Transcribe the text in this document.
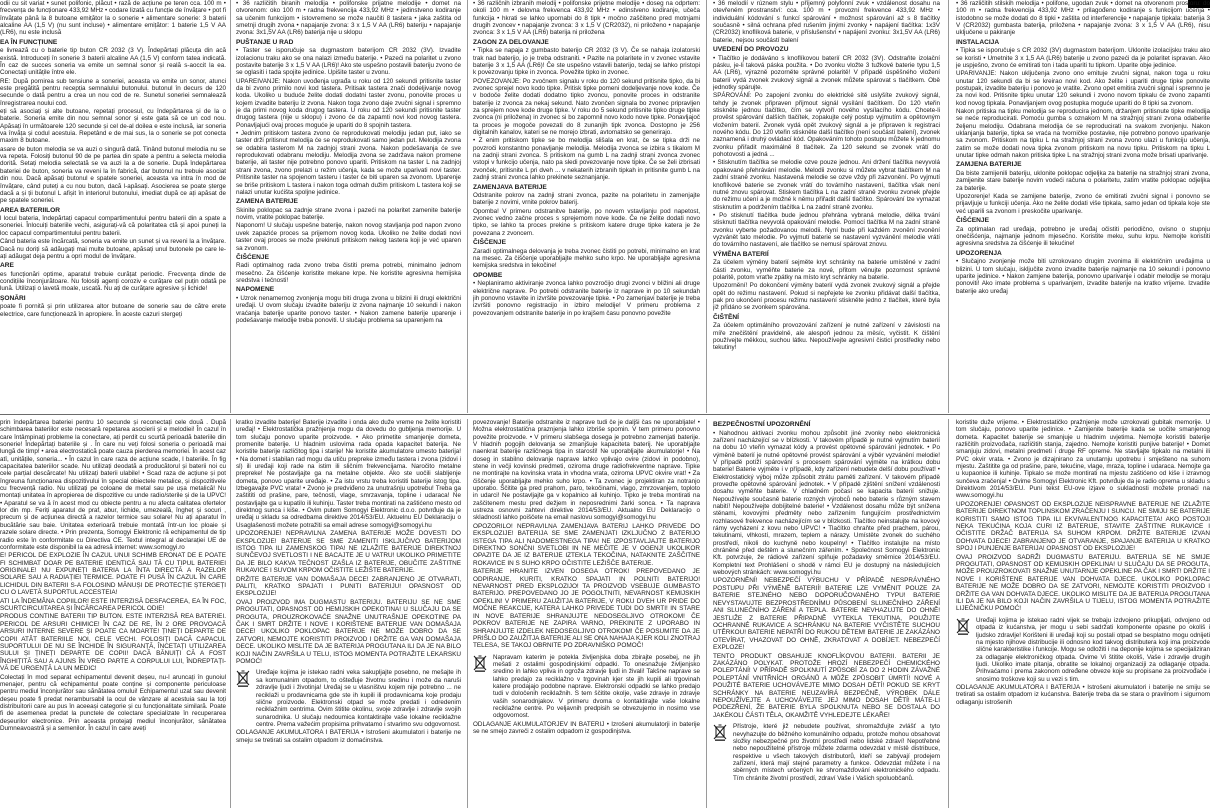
odii cu sit variat • sunet polifonic, plăcut • rază de acțiune pe teren cca. 100 m • frecvența de funcționare 433,92 MHz • codare lizată cu funcție de învățare • pot fi învățate până la 8 butoane emițător la o sonerie • alimentare sonerie: 3 baterii alcaline AA (1,5 V) (nu sunt incluse) • alimentare emițător: 1 baterie 1,5 V AA (LR6), nu este inclusă

EA ÎN FUNCȚIUNE

e livrează cu o baterie tip buton CR 2032 (3 V). Îndepărtați plăcuța din acă există. Introduceți în sonerie 3 baterii alcaline AA (1,5 V) conform tatea indicată. În caz de succes soneria va emite un semnal sonor și reală s-aoccit la ea. Conectați unitățile între ele.

RE: După pornirea sub tensiune a soneriei, aceasta va emite un sonor, atunci este pregătită pentru recepția semnalului butonului. butonul în decurs de 120 secunde o dată pentru a crea un nou cod de re. Sunetul soneriei semnalează înregistrarea noului cod.

eți să asociați și alte butoane, repetați procesul, cu îndepărtarea și de la o baterie. Soneria emite din nou semnal sonor și este gata să ce un cod nou. Apăsați în următoarele 120 secunde și cel de-al doilea e este inclusă, iar soneria va învăța și codul acestuia. Repetând e de mai sus, la o sonerie se pot conecta maxim 8 butoane.

asare de buton melodia se va auzi o singură dată. Tinând butonul melodia nu se va repeta. Folosiți butonul 90 de pe partea din spate a pentru a selecta melodia dorită. Setați melodia selectată se va auzi la a de sonerie. După îndepărtarea bateriei de buton, soneria va reveni la în fabrică, dar butonul nu trebuie asociat din nou. Dacă apăsați butonul e spatele soneriei, aceasta va intra în mod de învățare, când puteți a cu nou buton, dacă l-apăsați. Asocierea se poate șterge dacă a și ții butonul L afișit în interiorul butonului, imediat după ce ați apăsat de pe spatele soneriei.

AREA BATERIILOR

l locul bateria, îndepărtați capacul compartimentului pentru baterii din a spate a soneriei. Înlocuiți bateriile vechi, asigurați-vă că polaritatea ctă și apoi puneți la loc capacul compartimentului pentru baterii.

Când bateria este încărcată, soneria va emite un sunet și va reveni la a învățare. Dacă nu doriți să adăugați mai multe butoane, apăsați unul butonele pe care le-ați adăugat deja pentru a opri modul de învățare.

ARE

es funcționări optime, aparatul trebuie curățat periodic. Frecvența dinde de condițiile înconjurătoare. Nu folosiți agenți coroziv e curățare cel puțin odată pe lună. Utilizați o lavetă moale, uscată. Nu ați de curățare agresive și lichide!

ȘONĂRI

poate fi pornită și prin utilizarea altor butoane de sonerie sau de către erete electrice, care funcționează în apropiere. În aceste cazuri stergeți

• 36 različitih biranih melodija • polifonske prijatne melodije • domet na otvorenom: oko 100 m • radna frekvencija 433,92 MHz • jedinstveno kodiranje sa učenim funkcijom • istovremeno se može naučiti 8 tastera • jaka zaštita od smetnji drugih zvona • napajanje zvona: 3 x 1,5 V AA (LR6) bateriju • napajanje zvona: 3x1,5V AA (LR6) baterija nije u sklopu

PUŠTANJE U RAD

• Taster se isporučuje sa dugmastom baterijom CR 2032 (3V). Izvadite izolacionu traku ako se ona nalazi između baterije. • Pazeći na polaritet u zvono postavite baterije 3 x 1,5 V AA (LR6)! Ako ste uspešno postavili bateriju zvono će se oglasiti i tada spojite jedinice. Upišite taster u zvonu.

UPAREIVANJE: Nakon uvođenja ugrađa u roku od 120 sekundi pritisnite taster da bi zvono primilo novi kod tastera. Pritisak tastera znači dodeljivanje novog koda. Ukoliko u buduće želite dodati dodatni taster zvonu, ponovite proces u kojem izvadite bateriju iz zvona. Nakon toga zvono daje zvučni signal i spremno je da primi novog koda drugog tastera. U roku od 120 sekundi pritisnite taster drugog tastera (nije u sklopu) i zvono će da zapamti novi kod novog tastera. Ponavljajući ovaj proces moguće je upariti do 8 spojnih tastera.

• Jednim pritiskom tastera zvono će reprodukovati melodiju jedan put, iako se taster drži pritisnut melodija će se reprodukovati samo jedan put. Melodija zvona se odabira tasterom M na zadnjoj strani zvona. Nakon podešavanja će sve reprodukovati odabranu melodiju. Melodija zvona se zadržava nakon promene baterije, ali taster nije potrebno ponovo upariti. Pritiskom na taster L na zadnjoj strani zvona, zvono prelazi u režim učenja, kada se može uparivati novi taster. Pritisnite taster na spojenom tasteru i taster će biti uparen sa zvonom. Uparenje se briše pritiskom L tastera i nakon toga odmah dužim pritiskom L tastera koji se nalazi unutar kućišta spoljne jedinice.

ZAMENA BATERIJE

Skinite poklopac sa zadnje strane zvona i pazeći na polaritet zamenite baterije novim, vratite poklopac baterije.

Naponom! U slučaju uspešne baterije, nakon novog stavljanja pod napon zvono uvek zapaziće proces sa prijemom novog koda. Ukoliko ne želite dodati novi taster ovaj proces se može prekinuti pritiskom nekog tastera koji je već uparen sa zvonom.

ČIŠĆENJE

Radi optimalnog rada zvono treba čistiti prema potrebi, minimalno jednom mesečno. Za čišćenje koristite mekane krpe. Ne koristite agresivna hemijska sredstva i tečnosti!

NAPOMENE

• Uzrok nenamernog zvonjenja mogu biti druga zvona u blizini ili drugi električni uređaji. U ovom slučaju izvadite bateriju iz zvona najmanje 10 sekundi i nakon vraćanja baterije uparite ponovo taster. • Nakon zamene baterije uparenje i podešavanje melodije treba ponoviti. U slučaju problema sa uparenjem na

• 36 različnih izbranih melodij • polifonske prijetne melodije • doseg na odprtem: okoli 100 m • delovna frekvenca 433,92 MHz • edinstveno kodiranje, učeča funkcija • hkrati se lahko upornabi do 8 tipk • močno zaščiteno pred motnjami drugih zvoncev • napajanje zvonca: 3 x 1,5 V (CR2032), ni priloženo • napajanje zvonca: 3 x 1,5 V AA (LR6) baterija ni priložena

ZAGON ZA DELOVANJE

• Tipka se napaja z gumbasto baterijo CR 2032 (3 V). Če se nahaja izolatorski trak nad baterijo, jo je treba odstraniti. • Pazite na polaritete in v zvonec vstavite baterije 3 x 1,5 AA (LR6)! Če ste uspešno vstavili baterijo, tedaj se lahko pristopi k povezovanju tipke in zvonca. Povežite tipko in zvonec.

POVEZOVANJE: Po zvočnem signalu v roku do 120 sekund pritisnite tipko, da bi zvonec sprejel novo kodo tipke. Pritisk tipke pomeni dodeljevanje nove kode. Če v bodoče želite dodati dodatno tipko zvoncu, ponovite proces in odstranite baterije iz zvonca za nekaj sekund. Nato zvončen signala bo zvonec pripravljen za sprejem nove kode druge tipke. V roku do 5 sekund pritisnite tipko druge tipke zvonca (ni priložena) in zvonec si bo zapomnil novo kodo nove tipke. Ponavljajoč ta proces je mogoče povezati do 8 zunanjih tipk zvonca. Dostopno je 256 digitalnih kanalov, kateri se ne morejo izbrati, avtomatsko se generirajo.

• Z enim pritiskom tipke se bo melodija slišala en krat, če se tipka drži ne povzroči konstantno ponavljanje melodija. Melodija zvonca se izbira s tikalom M na zadnji strani zvonca. S pritiskom na gumb L na zadnji strani zvonca zvonec vstopi v funkcijo učenja, nato pa sledi povezovanje nove tipke. Če se želi izbrisati zvonček, pritisnite L pri dveh ... v nekaterih izbranih tipkah in pritisnite gumb L na zadnji strani zvonca lahko prekinete seznanjanje.

ZAMENJAVA BATERIJE

Odstranite pokrov na zadnji strani zvonca, pazite na polaritetu in zamenjajte baterije z novimi, vrnite pokrov baterij.

Opomba! V primeru odstranitve baterije, po novem vstavljanju pod napetost, zvonec vedno začne proces s sprejemom nove kode. Če ne želite dodati novo tipko, se lahko ta proces prekine s pritiskom katere druge tipke katera je že povezana z zvoncem.

ČIŠČENJE

Zaradi optimalnega delovanja je treba zvonec čistiti po potrebi, minimalno en krat na mesec. Za čiščenje uporabljajte mehko suho krpo. Ne uporabljajte agresivna kemijska sredstva in tekočine!

OPOMBE

• Neplaniramo aktiviranje zvonca lahko povzročijo drugi zvonci v bližini ali druge električne naprave. Po potrebi odstranite baterije iz naprave in po 10 sekundah jih ponovno vstavite in izvršite povezovanje tipke. • Po zamenjavi baterije je treba izvršiti ponovno registracijo in izbiro melodije! V primeru problema z povezovanjem odstranite baterije in po krajšem času ponovno povežite

• 36 melodií v rúznem stylu • příjemný polyfonní zvuk • vzdálenost dosahu na otevřeném prostranství: cca. 100 m • provozní frekvence 433,92 MHz • individuální kódování s funkcí spárování • možnost spárování až s 8 tlačítky současně • silná ochrana před rušením jinými zvonky • napájení tlačítka: 1x3V (CR2032) knoflíková baterie, v příslušenství • napájení zvonku: 3x1,5V AA (LR6) baterie, nejsou součástí balení

UVEDENÍ DO PROVOZU

• Tlačítko je dodáváno s knoflíkovou baterií CR 2032 (3V). Odstraňte izolační pásku, je-li taková páska použita. • Do zvonku vložte 3 tužkové baterie typu 1,5 AA (LR6), výrazně pozorněte správné polaritě! V případě úspěšného vložení baterií vydá zvonek zvukový signál a zvonek můžete spárovat s tlačítkem. Obě jednotky spárujte.

SPÁROVÁNÍ: Po zapojení zvonku do elektrické sítě uslyšíte zvukový signál, tehdy je zvonek připraven přijmout signál vysílání tlačítkem. Do 120 vteřin stiskněte jednou tlačítko, čím se vytvoří nového vysílacího kódu. Chcete-li prověst spárování dalších tlačítek, zopakujte celý postup vyjmutím a opětovným vložením baterií. Zvonek vydá opět zvukový signál a je připraven k registraci nového kódu. Do 120 vteřin stiskněte další tlačítko (není součástí balení), zvonek zaznamená i druhý ovládací kód. Opakováním tohoto postupu můžete k jednomu zvonku přiřadit maximálně 8 tlačítek. Za 120 sekund se zvonek vrátí do pohotovosti a jedná ...

• Stisknutím tlačítka se melodie ozve pouze jednou. Ani držení tlačítka nevyvolá opakované přehrávání melodie. Melodii zvonku si můžete vybrat tlačítkem M na zadní straně zvonku. Nastavená melodie se ozve vždy při zazvonění. Po vyjmutí knoflíkové baterie se zvonek vrátí do továrního nastavení, tlačítka však není nutné znovu spárovat. Stiskem tlačítka L na zadní straně zvonku zvonek přejde do režimu učení a je možné k němu přiřadit další tlačítko. Spárování lze vymazat stisknutím a podržením tlačítka L na zadní straně zvonku.

• Po stisknutí tlačítka bude jednou přehrána vybraná melodie, délka trvání stisknutí tlačítka nevyvolá opakování melodie. Pomocí tlačítka M na zadní straně zvonku vyberte požadovanou melodii. Nyní bude při každém zvonění zvonění vyzvánět tato melodie. Po vyjmutí baterie se nastavení vyzvánění melodie vrátí do továrního nastavení, ale tlačítko se nemusí spárovat znovu.

VÝMĚNA BATERIÍ

Za účelem výměny baterií sejměte kryt schránky na baterie umístěné v zadní části zvonku, vyměňte baterie za nové, přitom věnujte pozornost správné polaritě, potom vraťte zpátky na místo kryt schránky na baterie.

Upozornění! Po dokončení výměny baterií vydá zvonek zvukový signál a přejde opět do režimu nastavení. Pokud si nepřejete ke zvonku přidávat další tlačítka, pak pro ukončení procesu režimu nastavení stiskněte jedno z tlačítek, které byla již přidáno se zvonkem spárována.

ČIŠTĚNÍ

Za účelem optimálního provozování zařízení je nutné zařízení v závislosti na míře znečištění pravidelně, ale alespoň jednou za měsíc, vyčistit. K čištění používejte měkkou, suchou látku. Nepoužívejte agresivní čisticí prostředky nebo tekutiny!

• 36 različitih stilskih melodija • polifone, ugodan zvuk • domet na otvorenom prostoru: do 100 m • radna frekvencija 433,92 MHz • prilagođeno kodiranje s funkcijom učenja • istodobno se može dodati do 8 tipki • zaštita od interferencije • napajanje tipkala: baterija 3 V (CR2032) gumbasta baterija, priložena • napajanje zvona: 3 x 1,5 V AA (LR6), nisu uključene u pakiranje

INSTALACIJA

• Tipka se isporučuje s CR 2032 (3V) dugmastom baterijom. Uklonite izolacijsku traku ako se koristi • Umetnite 3 x 1,5 AA (LR6) baterije u zvono pazeći da je polaritet ispravan. Ako je uspješno, zvono će emitirati ton i tada upariti tu tipkom. Uparite obje jedinice.

UPARIVANJE: Nakon uključenja zvono ono emituje zvučni signal, nakon toga u roku unutar 120 sekundi da bi se kreirao novi kod. Ako želite i upariti druge tipke ponovite postupak, izvadite bateriju i ponovo je vratite. Zvono opet emitira zvučni signal i spremno je za novi kod. Pritisnite tipku unutar 120 sekundi i zvono novom tipkalu će zvono zapamti kod novog tipkala. Ponavljanjem ovog postupka moguće upariti do 8 tipki sa zvonom.

Nakon pritiska na tipku melodija se reproducira jednom, držanjem pritisnute tipke melodija se neće reproducirati. Pomoću gumba s oznakom M na stražnjoj strani zvona odaberite željenu melodiju. Odabrana melodija će se reproducirati na svakom zvonjenju. Nakon uklanjanja baterije, tipka se vraća na tvorničke postavke, nije potrebno ponovo uparivanje sa zvonom. Pritiskom na tipku L na stražnjoj strani zvona zvono ulazi u funkciju učenja, zatim se može dodati nova tipka zvonom pritiskom na novu tipku. Pritiskom na tipku L unutar tipke odmah nakon pritiska tipke L na stražnjoj strani zvona može brisati uparivanje.

ZAMJENA BATERIJE

Da biste zamijenili bateriju, uklonite poklopac odjeljka za baterije na stražnjoj strani zvona, zamijenite stare baterije novim vodeći računa o polaritetu, zatim vratite poklopac odjeljka za baterije.

Upozorenje! Kada se zamijene baterije, zvono će emitirati zvučni signal i ponovno se prijavljuje u funkciji učenja. Ako ne želite dodati više tipkala, samo jedan od tipkala koje ste već uparili sa zvonom i preskočite uparivanje.

ČIŠĆENJE

Za optimalan rad uređaja, potrebno je uređaj očistiti periodično, ovisno o stupnju onečišćenja, najmanje jednom mjesečno. Koristite meku, suhu krpu. Nemojte koristiti agresivna sredstva za čišćenje ili tekućine!

UPOZORENJA

• Slučajno zvonjenje može biti uzrokovano drugim zvonima ili električnim uređajima u blizini. U tom slučaju, isključite zvono izvadite baterije najmanje na 10 sekundi i ponovno uparite jedinice. • Nakon zamjene baterija, ponovno uparivanje i odabir melodije se moraju ponoviti! Ako imate problema s uparivanjem, izvadite baterije na kratko vrijeme. Izvadite baterije ako uređaj

prin îndepărtarea bateriei pentru 10 secunde și reconectați cele două . După schimbarea bateriilor este necesară repetarea asocierii și e melodiei! În cazul în care întâmpinați probleme la conectare, ați perdit cu scurtă perioadă bateriile din sonerie! Îndepărtați bateriile și . În care nu veți folosi soneria o perioadă mai lungă de timp! • area electrostatică poate cauza pierderea memoriei. În acest caz atî, unitățile, soneria... • În cazul în care raza de acțiune scade, l bateriile. În fig capacitatea bateriilor scade. Nu utilizați deodată a producătorul și baterii noi cu cele parțial descărcate! Nu utilizați baterii ulabile! • Scad raza de acțiune și pot îngreuna funcționarea dispozitivului în special obiectele metalice, și dispozitivele cu frecvență radio. Nu utilizați pe coloane de metal sau pe ușa metalică! Nu montați unitatea în apropierea de dispozitive cu unde radio/sterile și de la UPVC! • Aparatul se va ă în acest mod cu obiecte pentru a nu afecta calitatea ofertelor lor din mp. Feriți aparatul de praf, abur, lichide, umezeală, îngheț și socuri , precum și de acțiunea directă a razelor termice sau solare! Nu ați aparatul în bucătărie sau baie. Unitatea exterioară trebuie montată într-un loc ploaie și razele solare directe. • Prin prezenta, Somogyi Elektronic ră echipamentul de tip radio este în conformitate cu Directiva CE. Textul integral al declarației UE de conformitate este disponibil la ea adresă internet: www.somogyi.ro

E! PERICOL DE EXPLOZIE ÎN CAZUL UNUI SCHIMB ERONAT DE E POATE FI SCHIMBAT DOAR PE BATERIE IDENTICĂ SAU TĂ CU TIPUL BATERIEI ORIGINALE! NU EXPUNEȚI BATERIA LA ÎNTA DIRECTĂ A RAZELOR SOLARE SAU A RADIAȚIEI TERMICE. POATE FI PUSĂ ÎN CAZUL ÎN CARE LICHIDUL DIN BATERII S-A FOLOSIND MĂNUȘI DE PROTECȚIE ȘTERGEȚI CU O LAVETĂ SUPORTUL ACCESTEIA!

ATI LA ÎNDEMÂNA COPIILOR! ESTE INTERZISĂ DESFACEREA, EA ÎN FOC, SCURTCIRCUITAREA ȘI ÎNCĂRCAREA PERICOL ODIE!

PRODUS CONTINE BATERII TIP BUTON. ESTE INTERZISĂ REA BATERIEI. PERICOL DE ARSURI CHIMICE! ÎN CAZ DE RE, ÎN 2 ORE PROVOACĂ ARSURI INTERNE SEVERE ȘI POATE CA MOARTE! ȚINEȚI DEPARTE DE COPII ATÂT BATERIILE NOI, CELE VECHI. FOLOSIȚI DACĂ CAPACUL SUPORTULUI DE NU SE ÎNCHIDE ÎN SIGURANȚĂ, ÎNCETAȚI UTILIZAREA SULUI ȘI ȚINEȚI DEPARTE DE COPII! DACĂ BĂNUIȚI CĂ A FOST ÎNGHIȚITĂ SAU A AJUNS ÎN VREO PARTE A CORPULUI LUI, ÎNDREPTAȚI-VĂ DE URGENȚĂ LA UN MEDIC!

Colectați în mod separat echipamentul devenit deșeu, nu-l aruncați în gunoiul menajer, pentru că echipamentul poate conține și componente periculoase pentru mediul înconjurător sau sănătatea omului! Echipamentul uzat sau devenit deșeu poate fi predat nerambursabil la ocul de vânzare al acestuia sau la toți distribuitorii care au pus în aceeași categorie și cu funcționalitate similară. Poate fi de asemenea predat la punctele de colectare specializate în recuperarea deșeurilor electronice. Prin aceasta protejați mediul înconjurător, sănătatea Dumneavoastră și a semenilor. În cazul în care aveți

kratko izvadite baterije! Baterije izvadite i onda ako duže vreme ne želite koristiti uređaj! • Elektrostatička pražnjenja mogu da dovedu do gubljenja memorije. U tom slučaju ponovo uparite proizvode. • Ako primetite smanjenje dometa, promenite baterije. U hladnim uslovima rada opada kapacitet baterija. Ne koristite baterije različitog tipa i starije! Ne koristite akumulatore umesto baterija! • Na domet i stabilan rad mogu da utiču prepreke između tastera i zvona (zidovi i sl) ili uređaji koji rade na istim ili sličnim frekvencijama. Naročito metalne prepreke! Ne postavljajte ga na metalne objekte. Ako ste uočili slabljenje dometa, ponovo uparite uređaje. • Za istu vrstu treba koristiti baterije istog tipa. Izbegavajte PVC vrata! • Zvono je predviđeno za unutrašnju upotrebu! Treba ga zaštititi od prašine, pare, tečnosti, vlage, smrzavanja, topline i udaraca! Ne postavljajte ga u kupatilo ili kuhinju. Taster treba montirati na zaštićeno mesto od direktnog sunca i kiše. • Ovim putem Somogyi Elektronic d.o.o. potvrđuje da je uređaj u skladu sa odredbama direktive 2014/53/EU. Aktuelnu EU Deklaraciju o Usaglašenosti možete potražiti sa email adrese somogyi@somogyi.hu

UPOZORENJE! NEPRAVILNA ZAMENA BATERIJE MOŽE DOVESTI DO EKSPLOZIJE! BATERIJE SE SME ZAMENITI ISKLJUČIVO BATERIJOM ISTOG TIPA ILI ZAMENSKOG TIPA! NE IZLAŽITE BATERIJE DIREKTNOJ SUNČEVOJ SVETLOSTI I NE BACAJTE JE U VATRU! UKOLIKO PRIMETITE DA JE BILO KAKVA TEČNOST IZAŠLA IZ BATERIJE, OBUČITE ZAŠTITNE RUKAVICE I SUVOM KRPOM OČISTITE LEŽIŠTE BATERIJE.

DRŽITE BATERIJE VAN DOMAŠAJA DECE! ZABRANJENO JE OTVARATI, PALITI, KRATKO SPAJATI I PUNITI BATERIJU! OPASNOST OD EKSPLOZIJE!

OVAJ PROIZVOD IMA DUGMASTU BATERIJU. BATERIJU SE NE SME PROGUTATI, OPASNOST OD HEMIJSKIH OPEKOTINA! U SLUČAJU DA SE PROGUTA, PROUZROKOVAĆE SNAŽNE UNUTRAŠNJE OPEKOTINE PA ČAK I SMRT DRŽITE I NOVE I KORIŠTENE BATERIJE VAN DOMAŠAJA DECE! UKOLIKO POKLOPAC BATERIJE NE MOŽE DOBRO DA SE ZATVORI, NEMOJTE KORISTITI PROIZVOD I DRŽITE GA VAN DOMAŠAJA DECE. UKOLIKO MISLITE DA JE BATERIJA PROGUTANA ILI DA JE NA BILO KOJI NAČIN ZAVRŠILA U TELU, ISTOG MOMENTA POTRAŽITE LEKARSKU POMOĆ!

Uređaje kojima je istekao radni veka sakupljajte posebno, ne mešajte ih sa komunalnim otpadom, to ošteđuje životnu sredinu i može da naruši zdravlje ljudi i životinja! Uređaj se u vlasništvu kojem nije potrebno ... ne reciklaži u prodavnicama gde ste ih kupili ili prodavnicama koje prodaju slične proizvode. Elektronski otpad se može predati i odredenim reciklažnim centrima. Ovim štitite okolinu, svoje zdravlje i zdravlje svojih sunarodnika. U slučaju nedoumica kontaktirajte vaše lokalne reciklažne centre. Prema važećim propisima prihvatamo i stvarimo svu odgovornost.

ODLAGANJE AKUMULATORA I BATERIJA • Istrošeni akumulatori i baterije ne smeju se tretirati sa ostalim otpadom iz domaćinstva.

povezovanje! Baterije odstranite iz naprave tudi če je daljši čas ne uporabljate! • Možna elektrostatična praznjenja lahko izbriše spomin. V tem primeru ponovno povežite proizvode. • V primeru slabšega dosega je potrebno zamenjati baterije. V hladnih pogojih delovanja se zmanjšuje kapaciteta baterij. Ne uporabljajte naenkrat baterije različnega tipa in starosti! Ne uporabljajte akumulatorje! • Na doseg in stabilno delovanje naprave lahko vplivajo ovire (zidovi in podobno), stene in večji kovinski predmeti, oziroma druge radiofrekventne naprave. Tipke ne montirajte na kovinska vrata in vhodna vrata, oziroma UPVC okvire vrat! • Za čiščenje uporabljajte mehko suho krpo. • Ta zvonec je projektiran za notranjo uporabo. Ščitite ga pred prahom, paro, tekočinami, vlago, zmrzovanjem, toploto in udarci! Ne postavljajte ga v kopalnico ali kuhinjo. Tipko je treba montirati na zaščitenem mestu pred dežjem in neposrednimi žarki sonca. • Ta naprava ustreza osnovni zahtevi direktive 2014/53/EU. Aktualno EU Deklaracijo o skladnosti lahko poiščete na email naslovu somogyi@somogyi.hu

OPOZORILO! NEPRAVILNA ZAMENJAVA BATERIJ LAHKO PRIVEDE DO EKSPLOZIJE! BATERIJA SE SME ZAMENJATI IZKLJUČNO Z BATERIJO ISTEGA TIPA ALI NADOMESTNEGA TIPA! NE IZPOSTAVLJAJTE BATERIJO DIREKTNO SONČNI SVETLOBI IN NE MEČITE JE V OGENJ! UKOLIKOR OPAZITE DA JE IZ BATERIJE IZTEKLA TEKOČINA, NATAKNITE ZAŠČITNE ROKAVICE IN S SUHO KRPO OČISTITE LEŽIŠČE BATERIJE.

BATERIJE HRANITE IZVEN DOSEGA OTROK! PREPOVEDANO JE ODPIRANJE, KURITI, KRATKO SPAJATI IN POLNITI BATERIJO! NEVARNOST PRED EKSPLOZIJO! TA PROIZVOD VSEBUJE GUMBASTO BATERIJO. PREPOVEDANO JO JE POGOLTNITI, NEVARNOST KEMIJSKIH OPEKLIN! V PRIMERU ZAUŽITJA BATERIJE, V ROKU DVEH UR PRIDE DO MOČNE REAKCIJE, KATERA LAHKO PRIVEDE TUDI DO SMRTI! IN STARE IN NOVE BATERIJE SHRANJUJTE NEDOSEGLJIVO OTROKOM! ČE POKROV BATERIJE NE ZAPIRA VARNO, PREKINITE Z UPORABO IN SHRANJUJTE IZDELEK NEDOSEGLJIVO OTROKOM! ČE POSUMITE DA JE PRIŠLO DO ZAUŽITJA BATERIJE ALI SE ONA NAHAJA KJER KOLI ZNOTRAJ TELESA, SE TAKOJ OBRNITE PO ZDRAVNIŠKO POMOČ!

Napravam katerim je potekla življenjska doba zbirajte posebej, ne jih mešati z ostalimi gospodinjskimi odpadki. To onesnažuje življenjsko sredino in lahko vpliva in ogroža zdravje ljudi in živali! Takšne naprave se lahko predajo za reciklažno v trgovinah kjer ste jih kupili ali trgovinah katere prodajajo podobne naprave. Elektronski odpadki se lahko predajo tudi v določenih reciklažnih. S tem ščitite okolje, vaše zdravje in zdravje vaših sonarodnjakov. V primeru dvoma o kontaktirajte vaše lokalne reciklažne centre. Po veljavnih predpisih se obvezujemo in nosimo vse odgovornost.

ODLAGANJE AKUMULATORJEV IN BATERIJ • Izrošeni akumulatorji in baterije se ne smejo zavreči z ostalim odpadom iz gospodinjstva.

BEZPEČNOSTNÍ UPOZORNĚNÍ

• Nahodnou aktivaci zvonku mohou způsobit jiné zvonky nebo elektronická zařízení nacházející se v blízkosti. V takovém případě je nutné vyjmutím baterií na dobu 10 vteřin vymazat kódy a provést opětovné spárování jednotek. • Po výměně baterií je nutné opětovné provést spárování a výběr vyzvánění melodie! V případě potíží spárování s procesem spárování vyjměte na krátkou dobu baterie! Baterie vyjměte i v případě, kdy zařízení nebudete delší dobu používat! • Elektrostatický výboj může způsobit ztrátu paměti zařízení. V takovém případě proveďte opětovné spárování jednotek. • V případě zjištění snížení vzdálenosti dosahu vyměňte baterie. V chladném počasí se kapacita baterií snižuje. Nepoužívejte současně baterie rozných výrobců nebo baterie s různým stavem nabití! Nepoužívejte dobíjitelné baterie! • Vzdálenost dosahu může být snížena stěnami, kovovými předměty nebo zařízením fungujícím prostřednictvím rozhlasové frekvence nacházejícím se v blízkosti. Tlačítko neinstalujte na kovový rámy vycházení z kovu nebo UPVC! • Tlačítko chraňte před prachem, párou, tekutinami, vlhkostí, mrazem, teplem a nárazy. Umístěte zvonek do suchého prostředí, nikoli do kuchyně nebo koupelny! • Tlačítko instalujte na místo chráněné před deštěm a slunečním zářením. • Společnost Somogyi Elektronic Kft. potvrzuje, že rádiové zařízení splňuje požadavky směrnice 2014/53/EU. Kompletní text Prohlášení o shodě v rámci EU je dostupný na následujících webových stránkách: www.somogyi.hu

UPOZORNĚNÍ! NEBEZPEČÍ VÝBUCHU V PŘÍPADĚ NESPRÁVNÉHO POSTUPU PŘI VÝMĚNĚ BATERIÍ! BATERIE LZE VYMĚNIT POUZE ZA BATERIE STEJNÉHO NEBO DOPORUČOVANÉHO TYPU! BATERIE NEVYSTAVUJTE BEZPROSTŘEDNÍMU PŮSOBENÍ SLUNEČNÍHO ZÁŘENÍ ANI SLUNEČNÍHO ZÁŘENÍ A TEPLA. BATERIE NEVHAZUJTE DO OHNĚ! JESTLIŽE Z BATERIE PŘIPADNĚ VYTEKLA TEKUTINA, POUŽIJTE OCHRANNÉ RUKAVICE A SCHRÁNKU NA BATERIE VYČISTĚTE SUCHOU UTĚRKOU! BATERIE NEPATŘÍ DO RUKOU DĚTEM! BATERIE JE ZAKÁZÁNO OTEVÍRAT, VHAZOVAT DO OHNĚ, ZKRATOVAT A DOBÍJET. NEBEZPEČÍ EXPLOZE!

TENTO PRODUKT OBSAHUJE KNOFLÍKOVOU BATERII. BATERII JE ZAKÁZÁNO POLYKAT. PROTOŽE HROZÍ NEBEZPEČÍ CHEMICKÉHO POLEPTÁNÍ! V PŘÍPADĚ SPOLKNUTÍ ZPŮSOBÍ ZA DO 2 HODIN ZÁVAŽNÉ POLEPTÁNÍ VNITŘNÍCH ORGÁNŮ A MŮŽE ZPŮSOBIT ÚMRTÍ! NOVÉ A POUŽITÉ BATERIE UCHOVÁVEJTE MIMO DOSAH DĚTÍ! POKUD SE KRYT SCHRÁNKY NA BATERIE NEUZAVÍRÁ BEZPEČNĚ, VÝROBEK DÁLE NEPOUŽÍVEJTE A UCHOVÁVEJTE JEJ MIMO DOSAH DĚTÍ! MÁTE-LI PODEZŘENÍ, ŽE BATERIE BYLA SPOLKNUTA NEBO SE DOSTALA DO JAKÉKOLI ČÁSTI TĚLA, OKAMŽITĚ VYHLEDEJTE LÉKAŘE!

Přístroje, které již nebudete používat, shromažďujte zvlášť a tyto nevyhazujte do běžného komunálního odpadu, protože mohou obsahovat složky nebezpečné pro životní prostředí nebo lidské zdraví! Nepotřebné nebo nepoužitelné přístroje můžete zdarma odevzdat v místě distribuce, respektive u všech takových distributorů, kteří se zabývají prodejem zařízení, která mají stejné parametry a funkce. Odevzdat můžete i na sběrných místech určených ke shromažďování elektronického odpadu. Tím chráníte životní prostředí, zdraví Vaše i Vašich spoluobčanů.

koristite duže vrijeme. • Elektrostatičko pražnjenje može uzrokovati gubitak memorije. U tom slučaju, ponovo uparite jedinice. • Zamijenite baterije kada se uočite smanjenog dometa. Kapacitet baterije se smanjuje u hladnim uvjetima. Nemojte koristiti baterije različitih proizvođača, različitih stanja, zajedno. Nemojte koristiti punjive baterije! • Domet smanjuju zidovi, metalni predmeti i druge RF opreme. Ne stavljajte tipkalo na metalni ili PVC okvir vrata. • Zvono je dizajnirano za unutarnju upotrebu i smješteno na suhom mjestu. Zaštitite ga od prašine, pare, tekućine, vlage, mraza, topline i udaraca. Nemojte ga u kupaonice ili kuhinje. Tipkalo se može montirati na mjestu zaštićeno od kiše i izravnog sunčeva zračenja! • Ovime Somogyi Elektronic Kft. potvrđuje da je radio oprema u skladu s Direktivom 2014/53/EU. Puni tekst EU-ove izjave o sukladnosti možete pronaći na www.somogyi.hu

UPOZORENJE! OPASNOST OD EKSPLOZIJE NEISPRAVNE BATERIJE NE IZLAŽITE BATERIJE DIREKTNOM TOPLINSKOM ZRAČENJU I SUNCU. NE SMIJU SE BATERIJE KORISTITI SAMO ISTOG TIPA ILI EKVIVALENTNOG KAPACITETA! AKO POSTOJI NEKA TEKUĆINA KOJA CURI IZ BATERIJE, STAVITE ZAŠTITNE RUKAVICE I OČISTITE DRŽAČ BATERIJA SA SUHOM KRPOM. DRŽITE BATERIJE IZVAN DOHVATA DJECE! ZABRANJENO JE OTVARANJE, SPAJANJE BATERIJA U KRATKO SPOJ I PUNJENJE BATERIJA! OPASNOST OD EKSPLOZIJE!

OVAJ PROIZVOD SADRŽI DUGMASTU BATERIJU. BATERIJA SE NE SMIJE PROGUTATI, OPASNOST OD KEMIJSKIH OPEKLINA! U SLUČAJU DA SE PROGUTA, MOŽE PROUZROKOVATI SNAŽNE UNUTARNJE OPEKLINE PA ČAK I SMRT! DRŽITE I NOVE I KORIŠTENE BATERIJE VAN DOHVATA DJECE. UKOLIKO POKLOPAC BATERIJE NE MOŽE DOBRO DA SE ZATVORI, NEMOJTE KORISTITI PROIZVOD I DRŽITE GA VAN DOHVATA DJECE. UKOLIKO MISLITE DA JE BATERIJA PROGUTANA ILI DA JE NA BILO KOJI NAČIN ZAVRŠILA U TIJELU, ISTOG MOMENTA POTRAŽITE LIJEČNIČKU POMOĆ!

Uređaji kojima je istekao radni vijek se trebaju izdvojeno prikupljati, odvojeno od otpada iz kućanstva, jer mogu u sebi sadržati komponente opasne po okoliš i ljudsko zdravlje! Korišteni ili uređaji koji su postali otpad se besplatno mogu odnijeti na mjesto njihove distribucije ili odnosno kod takvog distributera koji ima proizvode slične karakteristike i funkcije. Mogu se odložiti i na deponije kojima se specijaliziran za odlaganje elektroničkog otpada. Ovime Vi štitite okoliš, Vaše i zdravlje drugih ljudi. Ukoliko imate pitanja, obratite se lokalnoj organizaciji za odlaganje otpada. Prihvaćamo i prema zakonom određene obveze koje su propisane za proizvođače i snosimo troškove koji su u vezi s tim.

ODLAGANJE AKUMULATORA I BATERIJA • Istrošeni akumulatori i baterije ne smiju se tretirati sa ostalim otpadom iz kućanstva. Baterije treba da se stara o pravilnom i sigurnom odlaganju istrošenih
